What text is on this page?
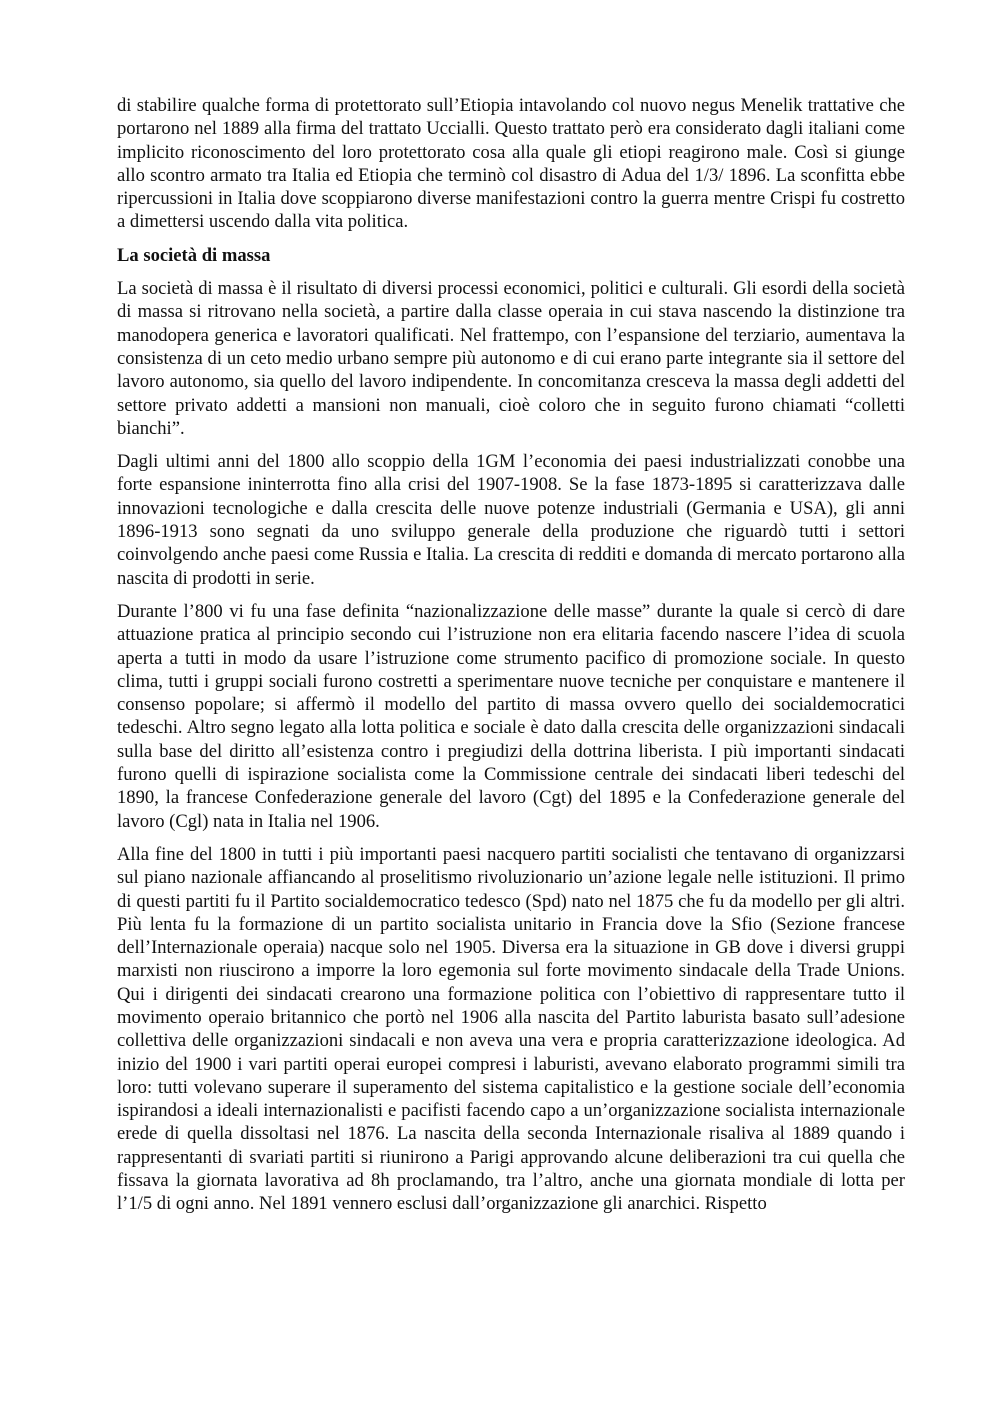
di stabilire qualche forma di protettorato sull’Etiopia intavolando col nuovo negus Menelik trattative che portarono nel 1889 alla firma del trattato Uccialli. Questo trattato però era considerato dagli italiani come implicito riconoscimento del loro protettorato cosa alla quale gli etiopi reagirono male. Così si giunge allo scontro armato tra Italia ed Etiopia che terminò col disastro di Adua del 1/3/ 1896. La sconfitta ebbe ripercussioni in Italia dove scoppiarono diverse manifestazioni contro la guerra mentre Crispi fu costretto a dimettersi uscendo dalla vita politica.

La società di massa

La società di massa è il risultato di diversi processi economici, politici e culturali. Gli esordi della società di massa si ritrovano nella società, a partire dalla classe operaia in cui stava nascendo la distinzione tra manodopera generica e lavoratori qualificati. Nel frattempo, con l’espansione del terziario, aumentava la consistenza di un ceto medio urbano sempre più autonomo e di cui erano parte integrante sia il settore del lavoro autonomo, sia quello del lavoro indipendente. In concomitanza cresceva la massa degli addetti del settore privato addetti a mansioni non manuali, cioè coloro che in seguito furono chiamati “colletti bianchi”.

Dagli ultimi anni del 1800 allo scoppio della 1GM l’economia dei paesi industrializzati conobbe una forte espansione ininterrotta fino alla crisi del 1907-1908. Se la fase 1873-1895 si caratterizzava dalle innovazioni tecnologiche e dalla crescita delle nuove potenze industriali (Germania e USA), gli anni 1896-1913 sono segnati da uno sviluppo generale della produzione che riguardò tutti i settori coinvolgendo anche paesi come Russia e Italia. La crescita di redditi e domanda di mercato portarono alla nascita di prodotti in serie.

Durante l’800 vi fu una fase definita “nazionalizzazione delle masse” durante la quale si cercò di dare attuazione pratica al principio secondo cui l’istruzione non era elitaria facendo nascere l’idea di scuola aperta a tutti in modo da usare l’istruzione come strumento pacifico di promozione sociale. In questo clima, tutti i gruppi sociali furono costretti a sperimentare nuove tecniche per conquistare e mantenere il consenso popolare; si affermò il modello del partito di massa ovvero quello dei socialdemocratici tedeschi. Altro segno legato alla lotta politica e sociale è dato dalla crescita delle organizzazioni sindacali sulla base del diritto all’esistenza contro i pregiudizi della dottrina liberista. I più importanti sindacati furono quelli di ispirazione socialista come la Commissione centrale dei sindacati liberi tedeschi del 1890, la francese Confederazione generale del lavoro (Cgt) del 1895 e la Confederazione generale del lavoro (Cgl) nata in Italia nel 1906.

Alla fine del 1800 in tutti i più importanti paesi nacquero partiti socialisti che tentavano di organizzarsi sul piano nazionale affiancando al proselitismo rivoluzionario un’azione legale nelle istituzioni. Il primo di questi partiti fu il Partito socialdemocratico tedesco (Spd) nato nel 1875 che fu da modello per gli altri. Più lenta fu la formazione di un partito socialista unitario in Francia dove la Sfio (Sezione francese dell’Internazionale operaia) nacque solo nel 1905. Diversa era la situazione in GB dove i diversi gruppi marxisti non riuscirono a imporre la loro egemonia sul forte movimento sindacale della Trade Unions. Qui i dirigenti dei sindacati crearono una formazione politica con l’obiettivo di rappresentare tutto il movimento operaio britannico che portò nel 1906 alla nascita del Partito laburista basato sull’adesione collettiva delle organizzazioni sindacali e non aveva una vera e propria caratterizzazione ideologica. Ad inizio del 1900 i vari partiti operai europei compresi i laburisti, avevano elaborato programmi simili tra loro: tutti volevano superare il superamento del sistema capitalistico e la gestione sociale dell’economia ispirandosi a ideali internazionalisti e pacifisti facendo capo a un’organizzazione socialista internazionale erede di quella dissoltasi nel 1876. La nascita della seconda Internazionale risaliva al 1889 quando i rappresentanti di svariati partiti si riunirono a Parigi approvando alcune deliberazioni tra cui quella che fissava la giornata lavorativa ad 8h proclamando, tra l’altro, anche una giornata mondiale di lotta per l’1/5 di ogni anno. Nel 1891 vennero esclusi dall’organizzazione gli anarchici. Rispetto
